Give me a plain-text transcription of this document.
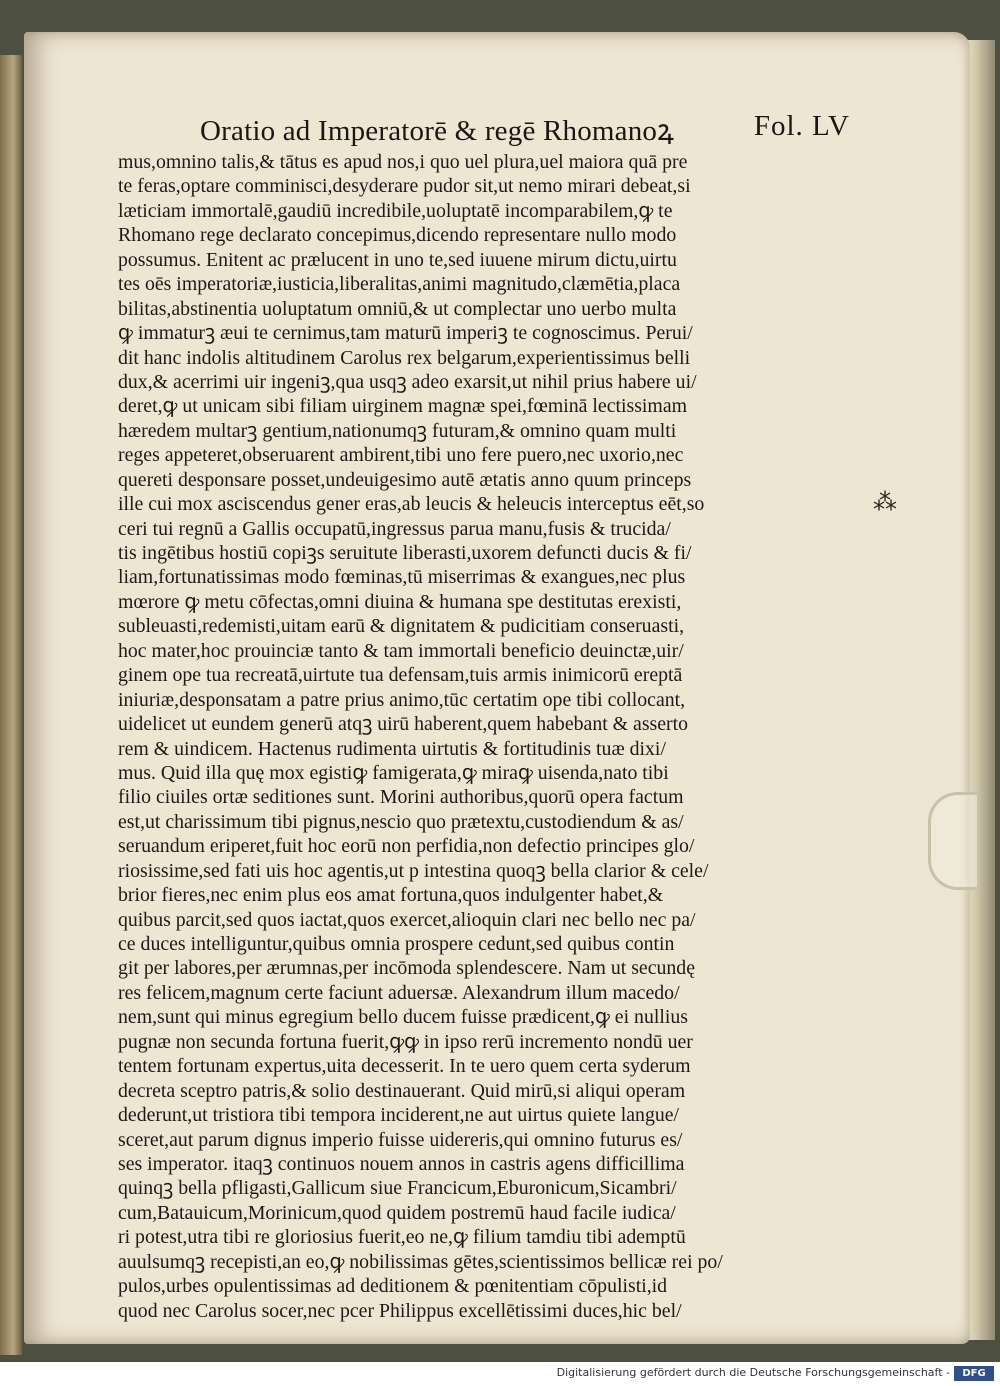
Oratio ad Imperatorē & regē Rhomanoꝝ	Fol. LV
mus,omnino talis,& tātus es apud nos,i quo uel plura,uel maiora quā pre
te feras,optare comminisci,desyderare pudor sit,ut nemo mirari debeat,si
læticiam immortalē,gaudiū incredibile,uoluptatē incomparabilem,ꝙ te
Rhomano rege declarato concepimus,dicendo representare nullo modo
possumus. Enitent ac prælucent in uno te,sed iuuene mirum dictu,uirtu
tes oēs imperatoriæ,iusticia,liberalitas,animi magnitudo,clæmētia,placa
bilitas,abstinentia uoluptatum omniū,& ut complectar uno uerbo multa
ꝙ immaturꝫ æui te cernimus,tam maturū imperiꝫ te cognoscimus. Perui/
dit hanc indolis altitudinem Carolus rex belgarum,experientissimus belli
dux,& acerrimi uir ingeniꝫ,qua usqꝫ adeo exarsit,ut nihil prius habere ui/
deret,ꝙ ut unicam sibi filiam uirginem magnæ spei,fœminā lectissimam
hæredem multarꝫ gentium,nationumqꝫ futuram,& omnino quam multi
reges appeteret,obseruarent ambirent,tibi uno fere puero,nec uxorio,nec
quereti desponsare posset,undeuigesimo autē ætatis anno quum princeps
ille cui mox asciscendus gener eras,ab leucis & heleucis interceptus eēt,so
ceri tui regnū a Gallis occupatū,ingressus parua manu,fusis & trucida/
tis ingētibus hostiū copiꝫs seruitute liberasti,uxorem defuncti ducis & fi/
liam,fortunatissimas modo fœminas,tū miserrimas & exangues,nec plus
mœrore ꝙ metu cōfectas,omni diuina & humana spe destitutas erexisti,
subleuasti,redemisti,uitam earū & dignitatem & pudicitiam conseruasti,
hoc mater,hoc prouinciæ tanto & tam immortali beneficio deuinctæ,uir/
ginem ope tua recreatā,uirtute tua defensam,tuis armis inimicorū ereptā
iniuriæ,desponsatam a patre prius animo,tūc certatim ope tibi collocant,
uidelicet ut eundem generū atqꝫ uirū haberent,quem habebant & asserto
rem & uindicem. Hactenus rudimenta uirtutis & fortitudinis tuæ dixi/
mus. Quid illa quę mox egistiꝙ famigerata,ꝙ miraꝙ uisenda,nato tibi
filio ciuiles ortæ seditiones sunt. Morini authoribus,quorū opera factum
est,ut charissimum tibi pignus,nescio quo prætextu,custodiendum & as/
seruandum eriperet,fuit hoc eorū non perfidia,non defectio principes glo/
riosissime,sed fati uis hoc agentis,ut p intestina quoqꝫ bella clarior & cele/
brior fieres,nec enim plus eos amat fortuna,quos indulgenter habet,&
quibus parcit,sed quos iactat,quos exercet,alioquin clari nec bello nec pa/
ce duces intelliguntur,quibus omnia prospere cedunt,sed quibus contin
git per labores,per ærumnas,per incōmoda splendescere. Nam ut secundę
res felicem,magnum certe faciunt aduersæ. Alexandrum illum macedo/
nem,sunt qui minus egregium bello ducem fuisse prædicent,ꝙ ei nullius
pugnæ non secunda fortuna fuerit,ꝙꝙ in ipso rerū incremento nondū uer
tentem fortunam expertus,uita decesserit. In te uero quem certa syderum
decreta sceptro patris,& solio destinauerant. Quid mirū,si aliqui operam
dederunt,ut tristiora tibi tempora inciderent,ne aut uirtus quiete langue/
sceret,aut parum dignus imperio fuisse uidereris,qui omnino futurus es/
ses imperator. itaqꝫ continuos nouem annos in castris agens difficillima
quinqꝫ bella pfligasti,Gallicum siue Francicum,Eburonicum,Sicambri/
cum,Batauicum,Morinicum,quod quidem postremū haud facile iudica/
ri potest,utra tibi re gloriosius fuerit,eo ne,ꝙ filium tamdiu tibi ademptū
auulsumqꝫ recepisti,an eo,ꝙ nobilissimas gētes,scientissimos bellicæ rei po/
pulos,urbes opulentissimas ad deditionem & pœnitentiam cōpulisti,id
quod nec Carolus socer,nec pcer Philippus excellētissimi duces,hic bel/
⁂
Digitalisierung gefördert durch die Deutsche Forschungsgemeinschaft -	DFG
